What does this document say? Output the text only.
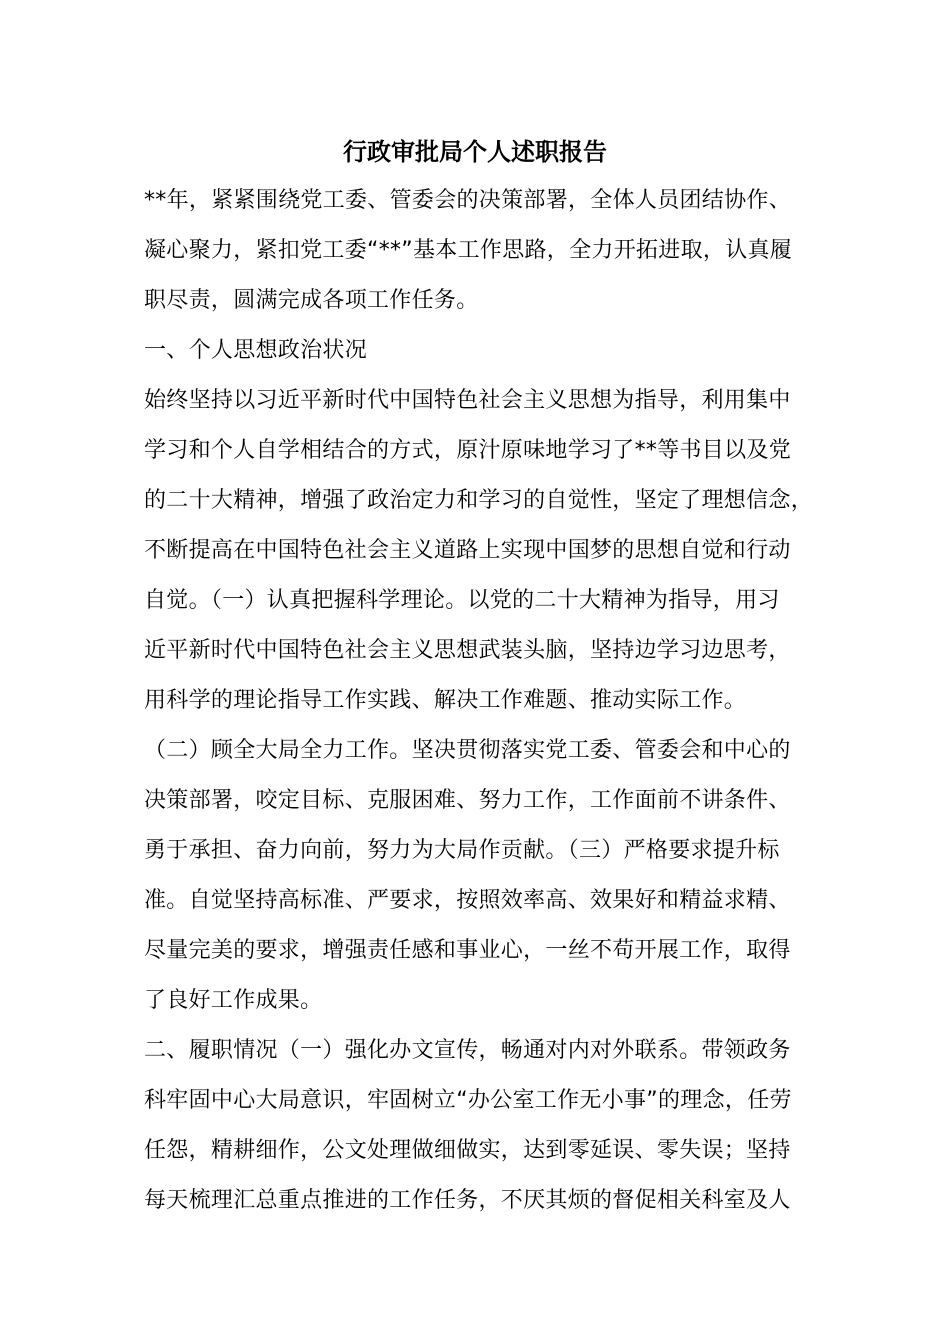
行政审批局个人述职报告
**年，紧紧围绕党工委、管委会的决策部署，全体人员团结协作、
凝心聚力，紧扣党工委“**”基本工作思路，全力开拓进取，认真履
职尽责，圆满完成各项工作任务。
一、个人思想政治状况
始终坚持以习近平新时代中国特色社会主义思想为指导，利用集中
学习和个人自学相结合的方式，原汁原味地学习了**等书目以及党
的二十大精神，增强了政治定力和学习的自觉性，坚定了理想信念，
不断提高在中国特色社会主义道路上实现中国梦的思想自觉和行动
自觉。（一）认真把握科学理论。以党的二十大精神为指导，用习
近平新时代中国特色社会主义思想武装头脑，坚持边学习边思考，
用科学的理论指导工作实践、解决工作难题、推动实际工作。
（二）顾全大局全力工作。坚决贯彻落实党工委、管委会和中心的
决策部署，咬定目标、克服困难、努力工作，工作面前不讲条件、
勇于承担、奋力向前，努力为大局作贡献。（三）严格要求提升标
准。自觉坚持高标准、严要求，按照效率高、效果好和精益求精、
尽量完美的要求，增强责任感和事业心，一丝不苟开展工作，取得
了良好工作成果。
二、履职情况（一）强化办文宣传，畅通对内对外联系。带领政务
科牢固中心大局意识，牢固树立“办公室工作无小事”的理念，任劳
任怨，精耕细作，公文处理做细做实，达到零延误、零失误；坚持
每天梳理汇总重点推进的工作任务，不厌其烦的督促相关科室及人
